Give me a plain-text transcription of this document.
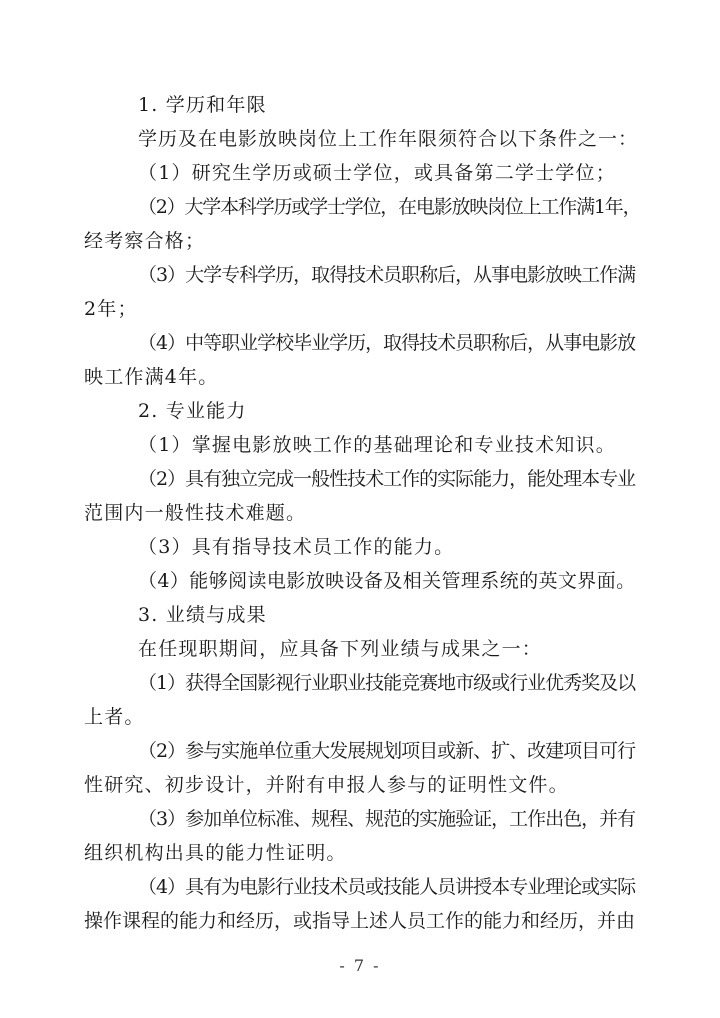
1. 学历和年限

学历及在电影放映岗位上工作年限须符合以下条件之一：

（1）研究生学历或硕士学位，或具备第二学士学位；

（2）大学本科学历或学士学位，在电影放映岗位上工作满1年，

经考察合格；

（3）大学专科学历，取得技术员职称后，从事电影放映工作满

2年；

（4）中等职业学校毕业学历，取得技术员职称后，从事电影放

映工作满4年。

2. 专业能力

（1）掌握电影放映工作的基础理论和专业技术知识。

（2）具有独立完成一般性技术工作的实际能力，能处理本专业

范围内一般性技术难题。

（3）具有指导技术员工作的能力。

（4）能够阅读电影放映设备及相关管理系统的英文界面。

3. 业绩与成果

在任现职期间，应具备下列业绩与成果之一：

（1）获得全国影视行业职业技能竞赛地市级或行业优秀奖及以

上者。

（2）参与实施单位重大发展规划项目或新、扩、改建项目可行

性研究、初步设计，并附有申报人参与的证明性文件。

（3）参加单位标准、规程、规范的实施验证，工作出色，并有

组织机构出具的能力性证明。

（4）具有为电影行业技术员或技能人员讲授本专业理论或实际

操作课程的能力和经历，或指导上述人员工作的能力和经历，并由

- 7 -
